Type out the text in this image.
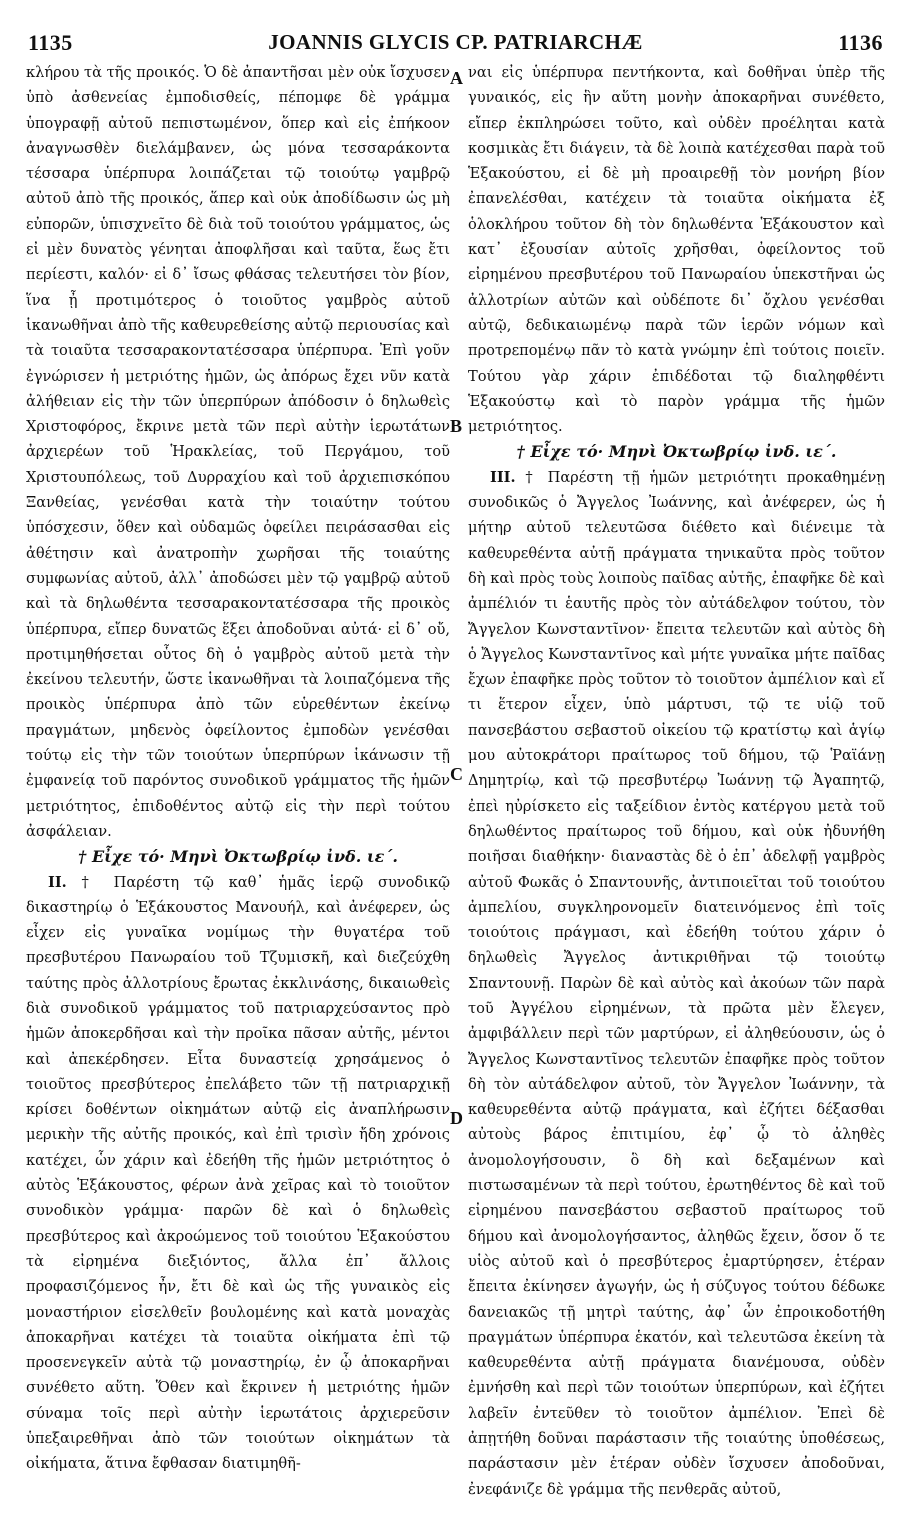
1135	JOANNIS GLYCIS CP. PATRIARCHÆ	1136

κλήρου τὰ τῆς προικός. Ὁ δὲ ἀπαντῆσαι μὲν οὐκ ἴσχυσεν ὑπὸ ἀσθενείας ἐμποδισθείς, πέπομφε δὲ γράμμα ὑπογραφῇ αὐτοῦ πεπιστωμένον, ὅπερ καὶ εἰς ἐπήκοον ἀναγνωσθὲν διελάμβανεν, ὡς μόνα τεσσαράκοντα τέσσαρα ὑπέρπυρα λοιπάζεται τῷ τοιούτῳ γαμβρῷ αὐτοῦ ἀπὸ τῆς προικός, ἅπερ καὶ οὐκ ἀποδίδωσιν ὡς μὴ εὐπορῶν, ὑπισχνεῖτο δὲ διὰ τοῦ τοιούτου γράμματος, ὡς εἰ μὲν δυνατὸς γένηται ἀποφλῆσαι καὶ ταῦτα, ἕως ἔτι περίεστι, καλόν· εἰ δ᾽ ἴσως φθάσας τελευτήσει τὸν βίον, ἵνα ᾖ προτιμότερος ὁ τοιοῦτος γαμβρὸς αὐτοῦ ἱκανωθῆναι ἀπὸ τῆς καθευρεθείσης αὐτῷ περιουσίας καὶ τὰ τοιαῦτα τεσσαρακοντατέσσαρα ὑπέρπυρα. Ἐπὶ γοῦν ἐγνώρισεν ἡ μετριότης ἡμῶν, ὡς ἀπόρως ἔχει νῦν κατὰ ἀλήθειαν εἰς τὴν τῶν ὑπερπύρων ἀπόδοσιν ὁ δηλωθεὶς Χριστοφόρος, ἔκρινε μετὰ τῶν περὶ αὐτὴν ἱερωτάτων ἀρχιερέων τοῦ Ἡρακλείας, τοῦ Περγάμου, τοῦ Χριστουπόλεως, τοῦ Δυρραχίου καὶ τοῦ ἀρχιεπισκόπου Ξανθείας, γενέσθαι κατὰ τὴν τοιαύτην τούτου ὑπόσχεσιν, ὅθεν καὶ οὐδαμῶς ὀφείλει πειράσασθαι εἰς ἀθέτησιν καὶ ἀνατροπὴν χωρῆσαι τῆς τοιαύτης συμφωνίας αὐτοῦ, ἀλλ᾽ ἀποδώσει μὲν τῷ γαμβρῷ αὐτοῦ καὶ τὰ δηλωθέντα τεσσαρακοντατέσσαρα τῆς προικὸς ὑπέρπυρα, εἴπερ δυνατῶς ἕξει ἀποδοῦναι αὐτά· εἰ δ᾽ οὔ, προτιμηθήσεται οὗτος δὴ ὁ γαμβρὸς αὐτοῦ μετὰ τὴν ἐκείνου τελευτήν, ὥστε ἱκανωθῆναι τὰ λοιπαζόμενα τῆς προικὸς ὑπέρπυρα ἀπὸ τῶν εὑρεθέντων ἐκείνῳ πραγμάτων, μηδενὸς ὀφείλοντος ἐμποδὼν γενέσθαι τούτῳ εἰς τὴν τῶν τοιούτων ὑπερπύρων ἱκάνωσιν τῇ ἐμφανείᾳ τοῦ παρόντος συνοδικοῦ γράμματος τῆς ἡμῶν μετριότητος, ἐπιδοθέντος αὐτῷ εἰς τὴν περὶ τούτου ἀσφάλειαν.

† Εἶχε τό· Μηνὶ Ὀκτωβρίῳ ἰνδ. ιε΄.

II. † Παρέστη τῷ καθ᾽ ἡμᾶς ἱερῷ συνοδικῷ δικαστηρίῳ ὁ Ἑξάκουστος Μανουήλ, καὶ ἀνέφερεν, ὡς εἶχεν εἰς γυναῖκα νομίμως τὴν θυγατέρα τοῦ πρεσβυτέρου Πανωραίου τοῦ Τζυμισκῆ, καὶ διεζεύχθη ταύτης πρὸς ἀλλοτρίους ἔρωτας ἐκκλινάσης, δικαιωθεὶς διὰ συνοδικοῦ γράμματος τοῦ πατριαρχεύσαντος πρὸ ἡμῶν ἀποκερδῆσαι καὶ τὴν προῖκα πᾶσαν αὐτῆς, μέντοι καὶ ἀπεκέρδησεν. Εἶτα δυναστείᾳ χρησάμενος ὁ τοιοῦτος πρεσβύτερος ἐπελάβετο τῶν τῇ πατριαρχικῇ κρίσει δοθέντων οἰκημάτων αὐτῷ εἰς ἀναπλήρωσιν μερικὴν τῆς αὐτῆς προικός, καὶ ἐπὶ τρισὶν ἤδη χρόνοις κατέχει, ὧν χάριν καὶ ἐδεήθη τῆς ἡμῶν μετριότητος ὁ αὐτὸς Ἑξάκουστος, φέρων ἀνὰ χεῖρας καὶ τὸ τοιοῦτον συνοδικὸν γράμμα· παρῶν δὲ καὶ ὁ δηλωθεὶς πρεσβύτερος καὶ ἀκροώμενος τοῦ τοιούτου Ἑξακούστου τὰ εἰρημένα διεξιόντος, ἄλλα ἐπ᾽ ἄλλοις προφασιζόμενος ἦν, ἔτι δὲ καὶ ὡς τῆς γυναικὸς εἰς μοναστήριον εἰσελθεῖν βουλομένης καὶ κατὰ μοναχὰς ἀποκαρῆναι κατέχει τὰ τοιαῦτα οἰκήματα ἐπὶ τῷ προσενεγκεῖν αὐτὰ τῷ μοναστηρίῳ, ἐν ᾧ ἀποκαρῆναι συνέθετο αὕτη. Ὅθεν καὶ ἔκρινεν ἡ μετριότης ἡμῶν σύναμα τοῖς περὶ αὐτὴν ἱερωτάτοις ἀρχιερεῦσιν ὑπεξαιρεθῆναι ἀπὸ τῶν τοιούτων οἰκημάτων τὰ οἰκήματα, ἅτινα ἔφθασαν διατιμηθῆ-

ναι εἰς ὑπέρπυρα πεντήκοντα, καὶ δοθῆναι ὑπὲρ τῆς γυναικός, εἰς ἣν αὕτη μονὴν ἀποκαρῆναι συνέθετο, εἴπερ ἐκπληρώσει τοῦτο, καὶ οὐδὲν προέληται κατὰ κοσμικὰς ἔτι διάγειν, τὰ δὲ λοιπὰ κατέχεσθαι παρὰ τοῦ Ἑξακούστου, εἰ δὲ μὴ προαιρεθῇ τὸν μονήρη βίον ἐπανελέσθαι, κατέχειν τὰ τοιαῦτα οἰκήματα ἐξ ὁλοκλήρου τοῦτον δὴ τὸν δηλωθέντα Ἑξάκουστον καὶ κατ᾽ ἐξουσίαν αὐτοῖς χρῆσθαι, ὀφείλοντος τοῦ εἰρημένου πρεσβυτέρου τοῦ Πανωραίου ὑπεκστῆναι ὡς ἀλλοτρίων αὐτῶν καὶ οὐδέποτε δι᾽ ὄχλου γενέσθαι αὐτῷ, δεδικαιωμένῳ παρὰ τῶν ἱερῶν νόμων καὶ προτρεπομένῳ πᾶν τὸ κατὰ γνώμην ἐπὶ τούτοις ποιεῖν. Τούτου γὰρ χάριν ἐπιδέδοται τῷ διαληφθέντι Ἑξακούστῳ καὶ τὸ παρὸν γράμμα τῆς ἡμῶν μετριότητος.

† Εἶχε τό· Μηνὶ Ὀκτωβρίῳ ἰνδ. ιε΄.

III. † Παρέστη τῇ ἡμῶν μετριότητι προκαθημένῃ συνοδικῶς ὁ Ἄγγελος Ἰωάννης, καὶ ἀνέφερεν, ὡς ἡ μήτηρ αὐτοῦ τελευτῶσα διέθετο καὶ διένειμε τὰ καθευρεθέντα αὐτῇ πράγματα τηνικαῦτα πρὸς τοῦτον δὴ καὶ πρὸς τοὺς λοιποὺς παῖδας αὐτῆς, ἐπαφῆκε δὲ καὶ ἀμπέλιόν τι ἑαυτῆς πρὸς τὸν αὐτάδελφον τούτου, τὸν Ἄγγελον Κωνσταντῖνον· ἔπειτα τελευτῶν καὶ αὐτὸς δὴ ὁ Ἄγγελος Κωνσταντῖνος καὶ μήτε γυναῖκα μήτε παῖδας ἔχων ἐπαφῆκε πρὸς τοῦτον τὸ τοιοῦτον ἀμπέλιον καὶ εἴ τι ἕτερον εἶχεν, ὑπὸ μάρτυσι, τῷ τε υἱῷ τοῦ πανσεβάστου σεβαστοῦ οἰκείου τῷ κρατίστῳ καὶ ἁγίῳ μου αὐτοκράτορι πραίτωρος τοῦ δήμου, τῷ Ῥαϊάνῃ Δημητρίῳ, καὶ τῷ πρεσβυτέρῳ Ἰωάννῃ τῷ Ἀγαπητῷ, ἐπεὶ ηὐρίσκετο εἰς ταξείδιον ἐντὸς κατέργου μετὰ τοῦ δηλωθέντος πραίτωρος τοῦ δήμου, καὶ οὐκ ἠδυνήθη ποιῆσαι διαθήκην· διαναστὰς δὲ ὁ ἐπ᾽ ἀδελφῇ γαμβρὸς αὐτοῦ Φωκᾶς ὁ Σπαντουνῆς, ἀντιποιεῖται τοῦ τοιούτου ἀμπελίου, συγκληρονομεῖν διατεινόμενος ἐπὶ τοῖς τοιούτοις πράγμασι, καὶ ἐδεήθη τούτου χάριν ὁ δηλωθεὶς Ἄγγελος ἀντικριθῆναι τῷ τοιούτῳ Σπαντουνῇ. Παρὼν δὲ καὶ αὐτὸς καὶ ἀκούων τῶν παρὰ τοῦ Ἀγγέλου εἰρημένων, τὰ πρῶτα μὲν ἔλεγεν, ἀμφιβάλλειν περὶ τῶν μαρτύρων, εἰ ἀληθεύουσιν, ὡς ὁ Ἄγγελος Κωνσταντῖνος τελευτῶν ἐπαφῆκε πρὸς τοῦτον δὴ τὸν αὐτάδελφον αὐτοῦ, τὸν Ἄγγελον Ἰωάννην, τὰ καθευρεθέντα αὐτῷ πράγματα, καὶ ἐζήτει δέξασθαι αὐτοὺς βάρος ἐπιτιμίου, ἐφ᾽ ᾧ τὸ ἀληθὲς ἀνομολογήσουσιν, ὃ δὴ καὶ δεξαμένων καὶ πιστωσαμένων τὰ περὶ τούτου, ἐρωτηθέντος δὲ καὶ τοῦ εἰρημένου πανσεβάστου σεβαστοῦ πραίτωρος τοῦ δήμου καὶ ἀνομολογήσαντος, ἀληθῶς ἔχειν, ὅσον ὅ τε υἱὸς αὐτοῦ καὶ ὁ πρεσβύτερος ἐμαρτύρησεν, ἑτέραν ἔπειτα ἐκίνησεν ἀγωγήν, ὡς ἡ σύζυγος τούτου δέδωκε δανειακῶς τῇ μητρὶ ταύτης, ἀφ᾽ ὧν ἐπροικοδοτήθη πραγμάτων ὑπέρπυρα ἑκατόν, καὶ τελευτῶσα ἐκείνη τὰ καθευρεθέντα αὐτῇ πράγματα διανέμουσα, οὐδὲν ἐμνήσθη καὶ περὶ τῶν τοιούτων ὑπερπύρων, καὶ ἐζήτει λαβεῖν ἐντεῦθεν τὸ τοιοῦτον ἀμπέλιον. Ἐπεὶ δὲ ἀπῃτήθη δοῦναι παράστασιν τῆς τοιαύτης ὑποθέσεως, παράστασιν μὲν ἑτέραν οὐδὲν ἴσχυσεν ἀποδοῦναι, ἐνεφάνιζε δὲ γράμμα τῆς πενθερᾶς αὐτοῦ,

A
B
C
D
